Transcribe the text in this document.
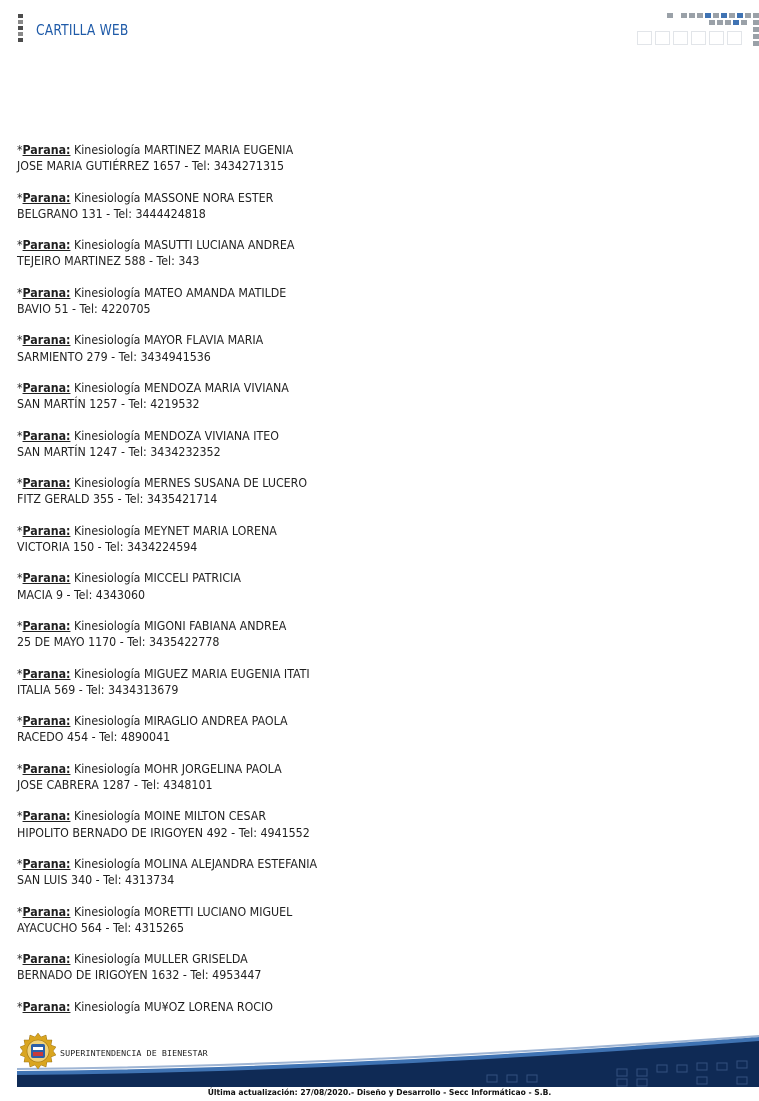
CARTILLA WEB
*Parana: Kinesiología MARTINEZ MARIA EUGENIA
JOSE MARIA GUTIÉRREZ 1657 - Tel: 3434271315
*Parana: Kinesiología MASSONE NORA ESTER
BELGRANO 131 - Tel: 3444424818
*Parana: Kinesiología MASUTTI LUCIANA ANDREA
TEJEIRO MARTINEZ 588 - Tel: 343
*Parana: Kinesiología MATEO AMANDA MATILDE
BAVIO 51 - Tel: 4220705
*Parana: Kinesiología MAYOR FLAVIA MARIA
SARMIENTO 279 - Tel: 3434941536
*Parana: Kinesiología MENDOZA MARIA VIVIANA
SAN MARTÍN 1257 - Tel: 4219532
*Parana: Kinesiología MENDOZA VIVIANA ITEO
SAN MARTÍN 1247 - Tel: 3434232352
*Parana: Kinesiología MERNES SUSANA DE LUCERO
FITZ GERALD 355 - Tel: 3435421714
*Parana: Kinesiología MEYNET MARIA LORENA
VICTORIA 150 - Tel: 3434224594
*Parana: Kinesiología MICCELI PATRICIA
MACIA 9 - Tel: 4343060
*Parana: Kinesiología MIGONI FABIANA ANDREA
25 DE MAYO 1170 - Tel: 3435422778
*Parana: Kinesiología MIGUEZ MARIA EUGENIA ITATI
ITALIA 569 - Tel: 3434313679
*Parana: Kinesiología MIRAGLIO ANDREA PAOLA
RACEDO 454 - Tel: 4890041
*Parana: Kinesiología MOHR JORGELINA PAOLA
JOSE CABRERA 1287 - Tel: 4348101
*Parana: Kinesiología MOINE MILTON CESAR
HIPOLITO BERNADO DE IRIGOYEN 492 - Tel: 4941552
*Parana: Kinesiología MOLINA ALEJANDRA ESTEFANIA
SAN LUIS 340 - Tel: 4313734
*Parana: Kinesiología MORETTI LUCIANO MIGUEL
AYACUCHO 564 - Tel: 4315265
*Parana: Kinesiología MULLER GRISELDA
BERNADO DE IRIGOYEN 1632 - Tel: 4953447
*Parana: Kinesiología MU¥OZ LORENA ROCIO
SUPERINTENDENCIA DE BIENESTAR
Última actualización: 27/08/2020.- Diseño y Desarrollo - Secc Informáticao - S.B.
